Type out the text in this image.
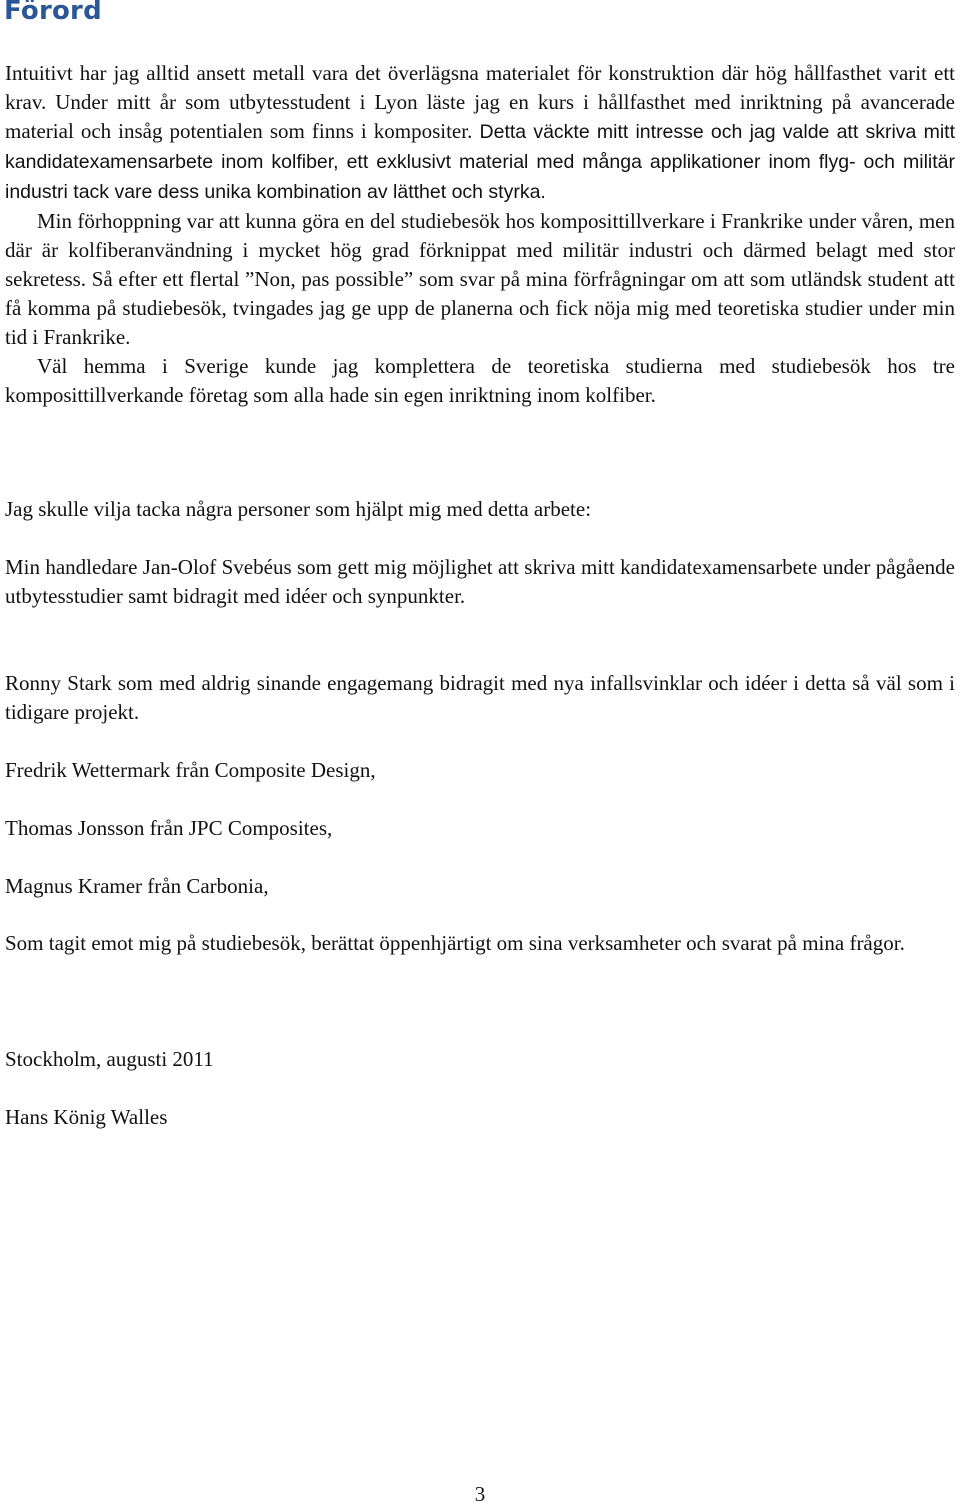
Förord
Intuitivt har jag alltid ansett metall vara det överlägsna materialet för konstruktion där hög hållfasthet varit ett krav. Under mitt år som utbytesstudent i Lyon läste jag en kurs i hållfasthet med inriktning på avancerade material och insåg potentialen som finns i kompositer. Detta väckte mitt intresse och jag valde att skriva mitt kandidatexamensarbete inom kolfiber, ett exklusivt material med många applikationer inom flyg- och militär industri tack vare dess unika kombination av lätthet och styrka.
Min förhoppning var att kunna göra en del studiebesök hos komposittillverkare i Frankrike under våren, men där är kolfiberanvändning i mycket hög grad förknippat med militär industri och därmed belagt med stor sekretess. Så efter ett flertal ”Non, pas possible” som svar på mina förfrågningar om att som utländsk student att få komma på studiebesök, tvingades jag ge upp de planerna och fick nöja mig med teoretiska studier under min tid i Frankrike.
Väl hemma i Sverige kunde jag komplettera de teoretiska studierna med studiebesök hos tre komposittillverkande företag som alla hade sin egen inriktning inom kolfiber.

Jag skulle vilja tacka några personer som hjälpt mig med detta arbete:

Min handledare Jan-Olof Svebéus som gett mig möjlighet att skriva mitt kandidatexamensarbete under pågående utbytesstudier samt bidragit med idéer och synpunkter.

Ronny Stark som med aldrig sinande engagemang bidragit med nya infallsvinklar och idéer i detta så väl som i tidigare projekt.

Fredrik Wettermark från Composite Design,

Thomas Jonsson från JPC Composites,

Magnus Kramer från Carbonia,

Som tagit emot mig på studiebesök, berättat öppenhjärtigt om sina verksamheter och svarat på mina frågor.

Stockholm, augusti 2011

Hans König Walles

3
